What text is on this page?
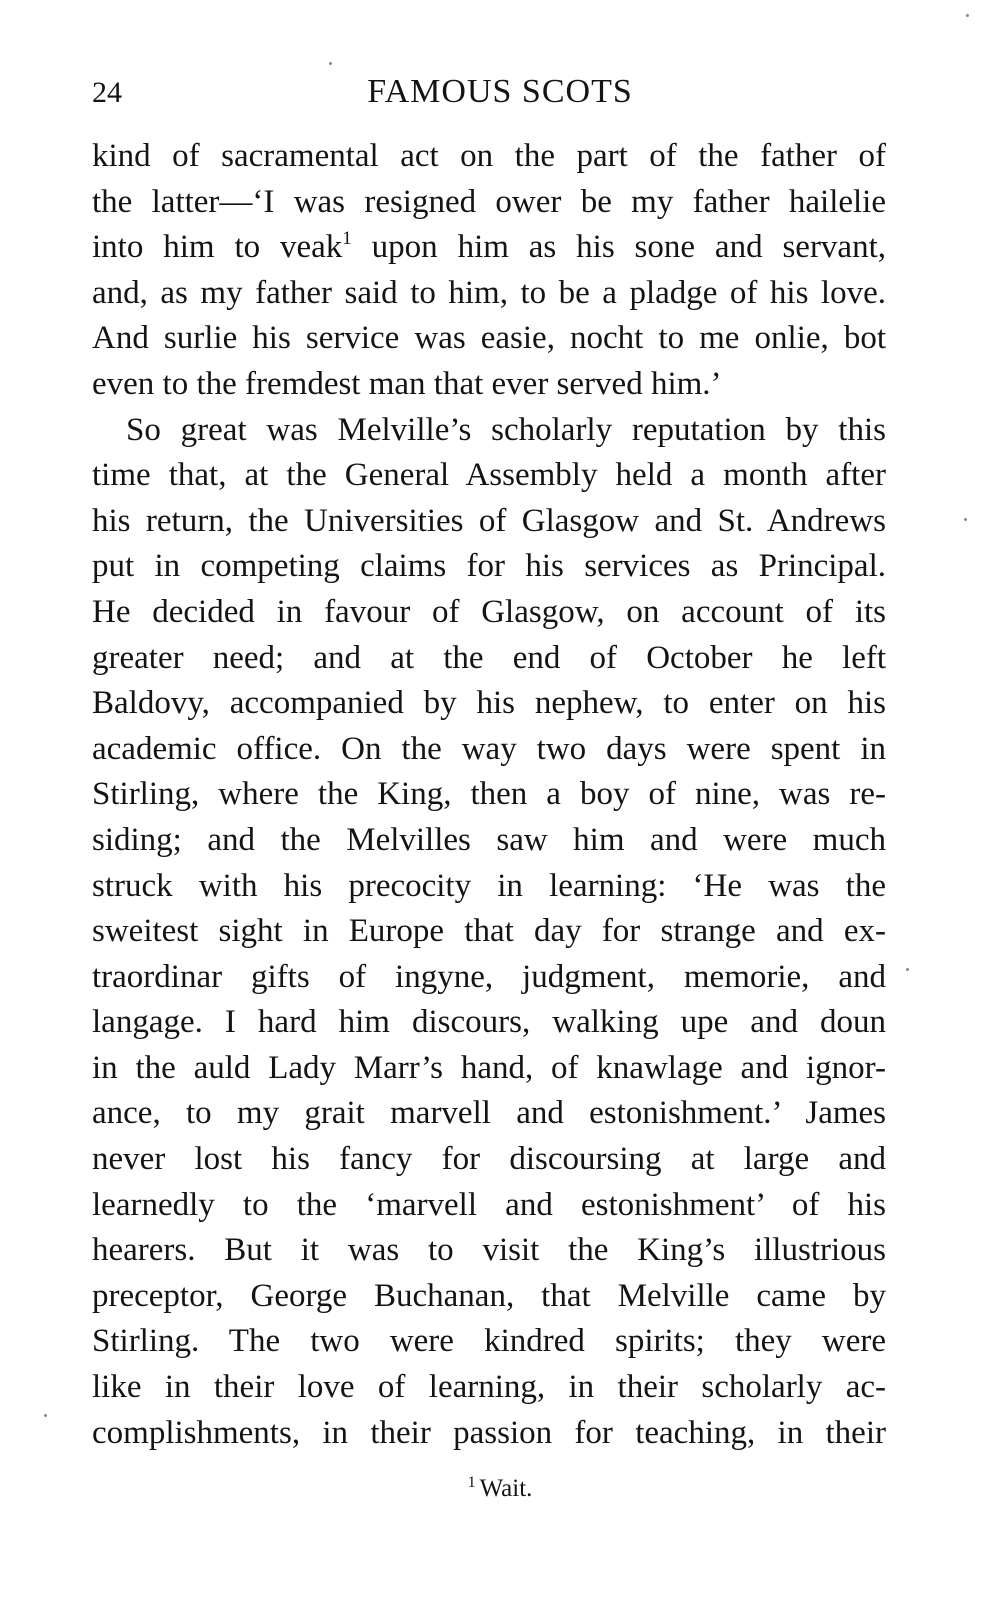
24	FAMOUS SCOTS
kind of sacramental act on the part of the father of
the latter—‘I was resigned ower be my father hailelie
into him to veak$^1$ upon him as his sone and servant,
and, as my father said to him, to be a pladge of his love.
And surlie his service was easie, nocht to me onlie, bot
even to the fremdest man that ever served him.’
So great was Melville’s scholarly reputation by this
time that, at the General Assembly held a month after
his return, the Universities of Glasgow and St. Andrews
put in competing claims for his services as Principal.
He decided in favour of Glasgow, on account of its
greater need; and at the end of October he left
Baldovy, accompanied by his nephew, to enter on his
academic office. On the way two days were spent in
Stirling, where the King, then a boy of nine, was re-
siding; and the Melvilles saw him and were much
struck with his precocity in learning: ‘He was the
sweitest sight in Europe that day for strange and ex-
traordinar gifts of ingyne, judgment, memorie, and
langage. I hard him discours, walking upe and doun
in the auld Lady Marr’s hand, of knawlage and ignor-
ance, to my grait marvell and estonishment.’ James
never lost his fancy for discoursing at large and
learnedly to the ‘marvell and estonishment’ of his
hearers. But it was to visit the King’s illustrious
preceptor, George Buchanan, that Melville came by
Stirling. The two were kindred spirits; they were
like in their love of learning, in their scholarly ac-
complishments, in their passion for teaching, in their
$^1$ Wait.
